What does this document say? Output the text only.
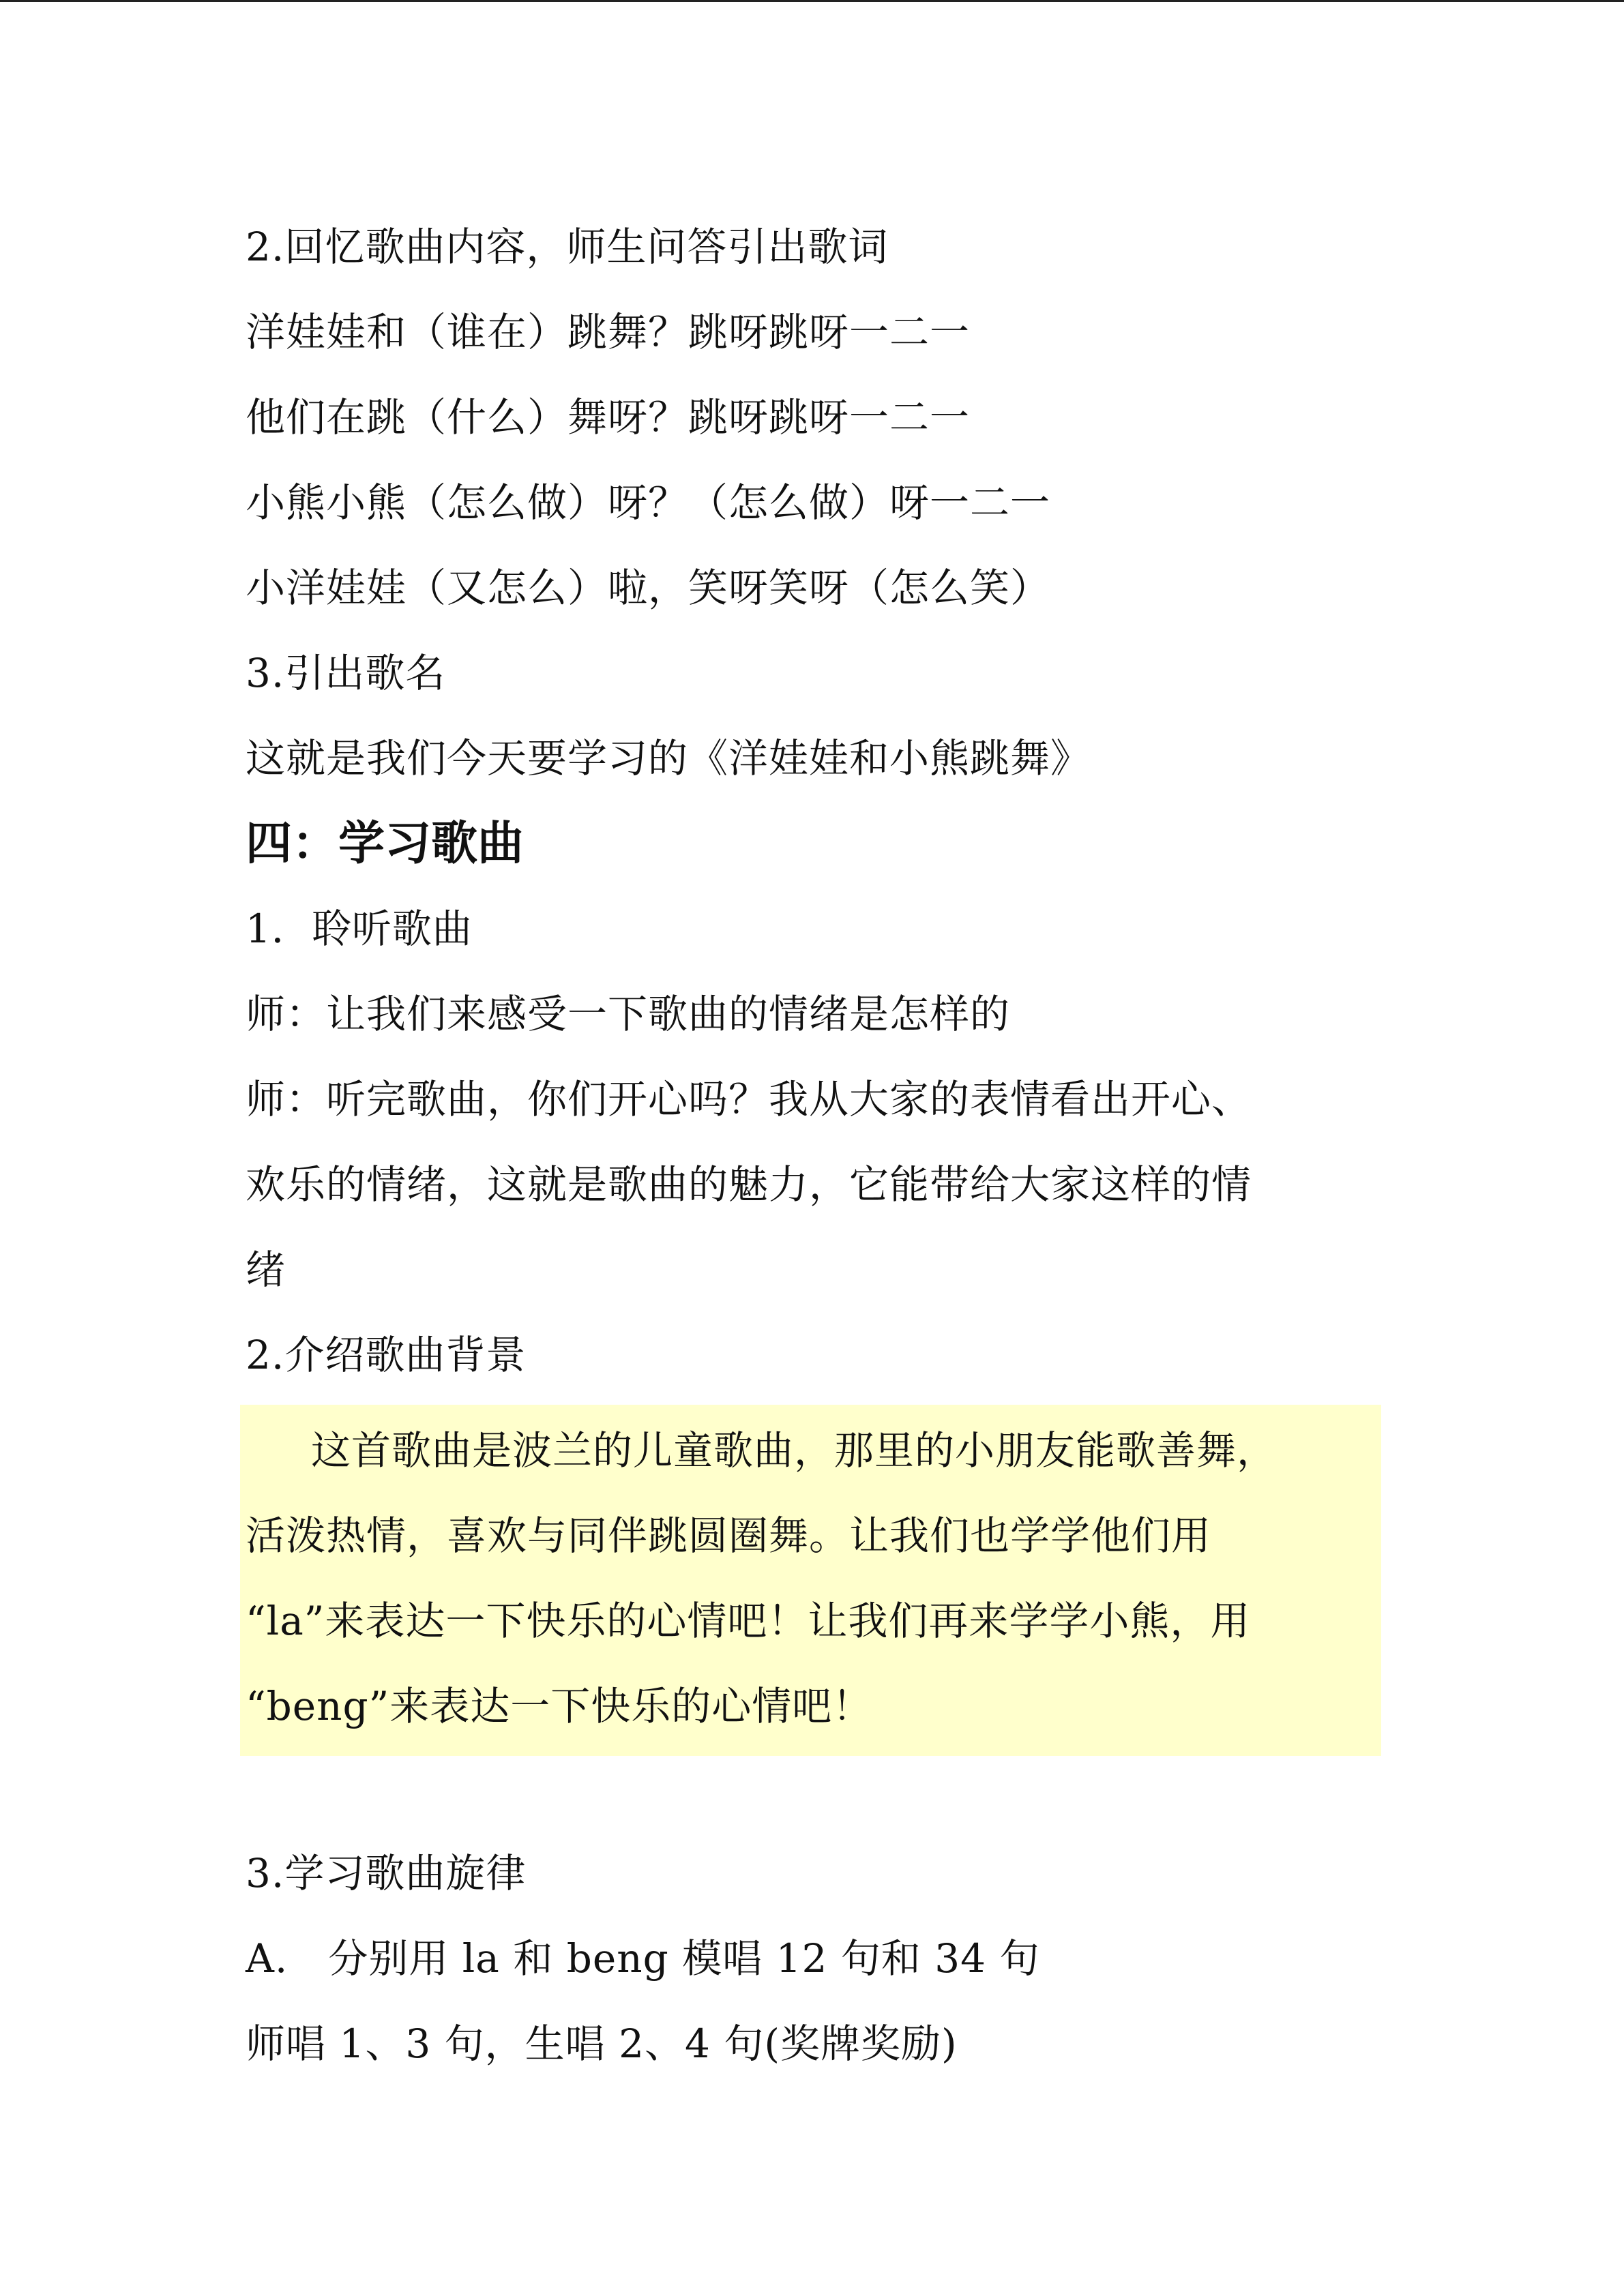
2.回忆歌曲内容，师生问答引出歌词
洋娃娃和（谁在）跳舞？跳呀跳呀一二一
他们在跳（什么）舞呀？跳呀跳呀一二一
小熊小熊（怎么做）呀？（怎么做）呀一二一
小洋娃娃（又怎么）啦，笑呀笑呀（怎么笑）
3.引出歌名
这就是我们今天要学习的《洋娃娃和小熊跳舞》
四：学习歌曲
1．聆听歌曲
师：让我们来感受一下歌曲的情绪是怎样的
师：听完歌曲，你们开心吗？我从大家的表情看出开心、
欢乐的情绪，这就是歌曲的魅力，它能带给大家这样的情
绪
2.介绍歌曲背景
这首歌曲是波兰的儿童歌曲，那里的小朋友能歌善舞，
活泼热情，喜欢与同伴跳圆圈舞。让我们也学学他们用
“la”来表达一下快乐的心情吧！让我们再来学学小熊，用
“beng”来表达一下快乐的心情吧！
3.学习歌曲旋律
A.　分别用 la 和 beng 模唱 12 句和 34 句
师唱 1、3 句，生唱 2、4 句(奖牌奖励)
